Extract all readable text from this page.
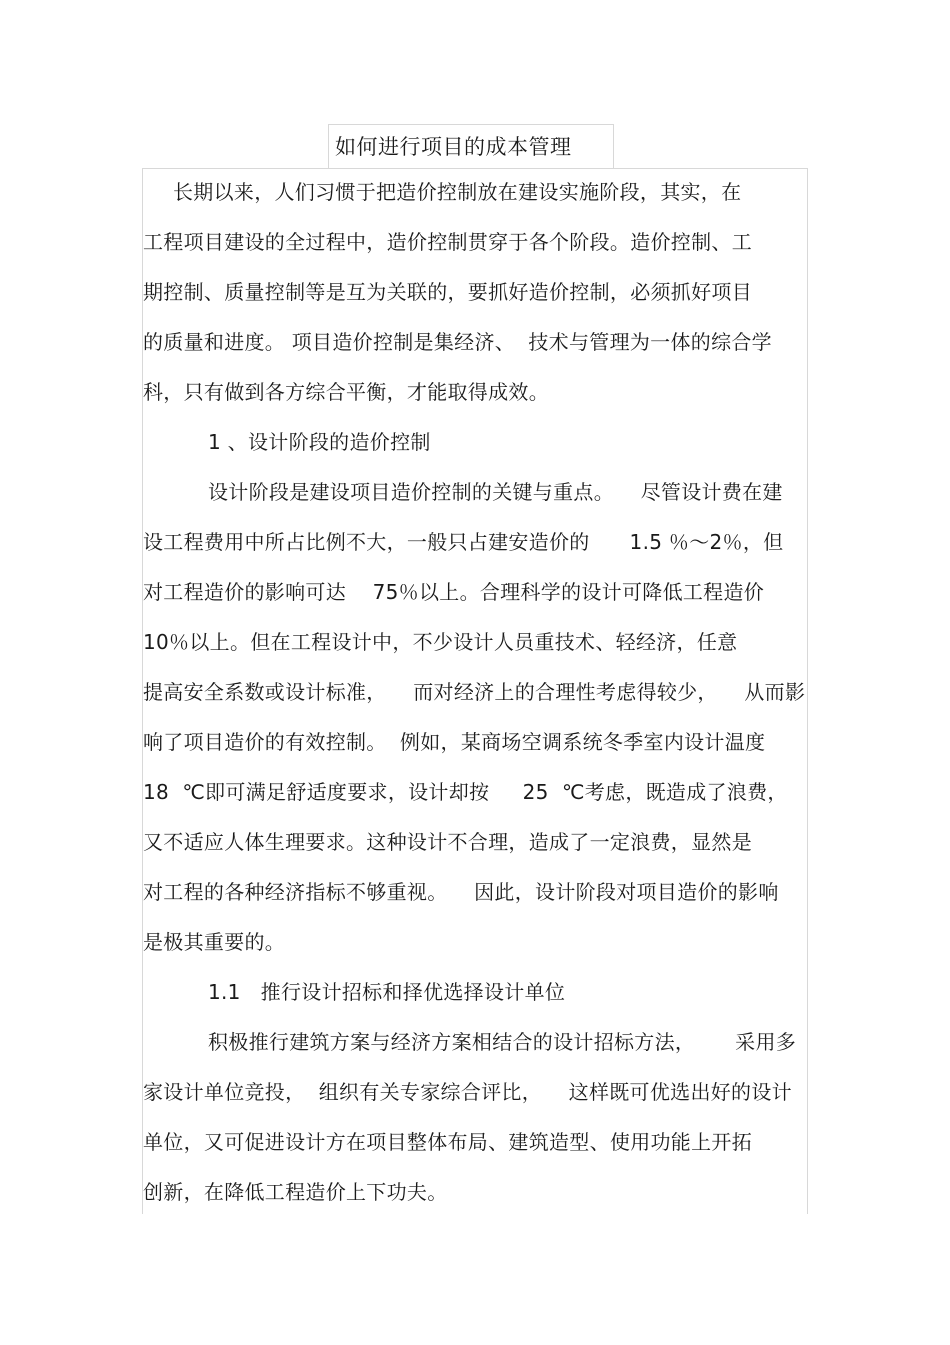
如何进行项目的成本管理
长期以来，人们习惯于把造价控制放在建设实施阶段，其实，在
工程项目建设的全过程中，造价控制贯穿于各个阶段。造价控制、工
期控制、质量控制等是互为关联的，要抓好造价控制，必须抓好项目
的质量和进度。 项目造价控制是集经济、  技术与管理为一体的综合学
科，只有做到各方综合平衡，才能取得成效。
1 、设计阶段的造价控制
设计阶段是建设项目造价控制的关键与重点。    尽管设计费在建
设工程费用中所占比例不大，一般只占建安造价的      1.5 ％～2％，但
对工程造价的影响可达    75％以上。合理科学的设计可降低工程造价
10％以上。但在工程设计中，不少设计人员重技术、轻经济，任意
提高安全系数或设计标准，    而对经济上的合理性考虑得较少，    从而影
响了项目造价的有效控制。  例如，某商场空调系统冬季室内设计温度
18  ℃即可满足舒适度要求，设计却按     25  ℃考虑，既造成了浪费，
又不适应人体生理要求。这种设计不合理，造成了一定浪费，显然是
对工程的各种经济指标不够重视。    因此，设计阶段对项目造价的影响
是极其重要的。
1.1   推行设计招标和择优选择设计单位
积极推行建筑方案与经济方案相结合的设计招标方法，      采用多
家设计单位竞投，  组织有关专家综合评比，    这样既可优选出好的设计
单位，又可促进设计方在项目整体布局、建筑造型、使用功能上开拓
创新，在降低工程造价上下功夫。
